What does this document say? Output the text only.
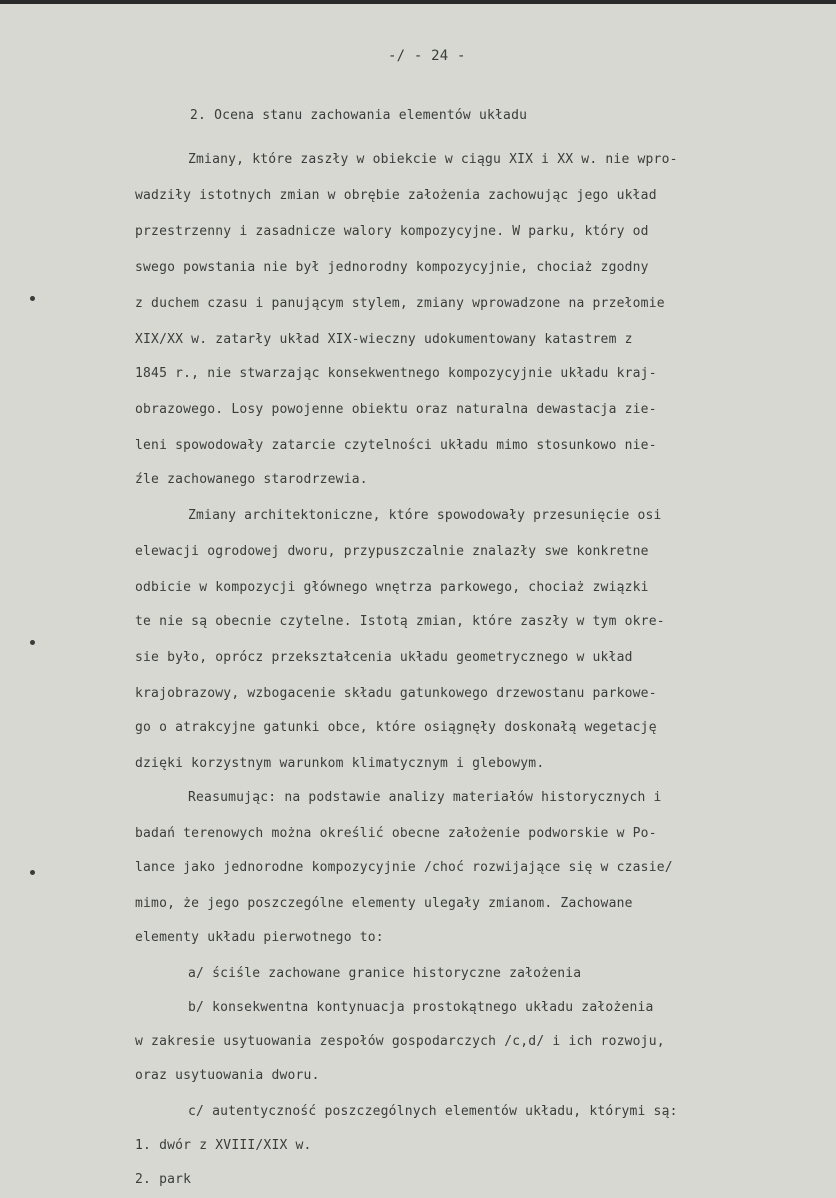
-/ - 24 -
2. Ocena stanu zachowania elementów układu
Zmiany, które zaszły w obiekcie w ciągu XIX i XX w. nie wpro-
wadziły istotnych zmian w obrębie założenia zachowując jego układ
przestrzenny i zasadnicze walory kompozycyjne. W parku, który od
swego powstania nie był jednorodny kompozycyjnie, chociaż zgodny
z duchem czasu i panującym stylem, zmiany wprowadzone na przełomie
XIX/XX w. zatarły układ XIX-wieczny udokumentowany katastrem z
1845 r., nie stwarzając konsekwentnego kompozycyjnie układu kraj-
obrazowego. Losy powojenne obiektu oraz naturalna dewastacja zie-
leni spowodowały zatarcie czytelności układu mimo stosunkowo nie-
źle zachowanego starodrzewia.
Zmiany architektoniczne, które spowodowały przesunięcie osi
elewacji ogrodowej dworu, przypuszczalnie znalazły swe konkretne
odbicie w kompozycji głównego wnętrza parkowego, chociaż związki
te nie są obecnie czytelne. Istotą zmian, które zaszły w tym okre-
sie było, oprócz przekształcenia układu geometrycznego w układ
krajobrazowy, wzbogacenie składu gatunkowego drzewostanu parkowe-
go o atrakcyjne gatunki obce, które osiągnęły doskonałą wegetację
dzięki korzystnym warunkom klimatycznym i glebowym.
Reasumując: na podstawie analizy materiałów historycznych i
badań terenowych można określić obecne założenie podworskie w Po-
lance jako jednorodne kompozycyjnie /choć rozwijające się w czasie/
mimo, że jego poszczególne elementy ulegały zmianom. Zachowane
elementy układu pierwotnego to:
a/ ściśle zachowane granice historyczne założenia
b/ konsekwentna kontynuacja prostokątnego układu założenia
w zakresie usytuowania zespołów gospodarczych /c,d/ i ich rozwoju,
oraz usytuowania dworu.
c/ autentyczność poszczególnych elementów układu, którymi są:
1. dwór z XVIII/XIX w.
2. park
